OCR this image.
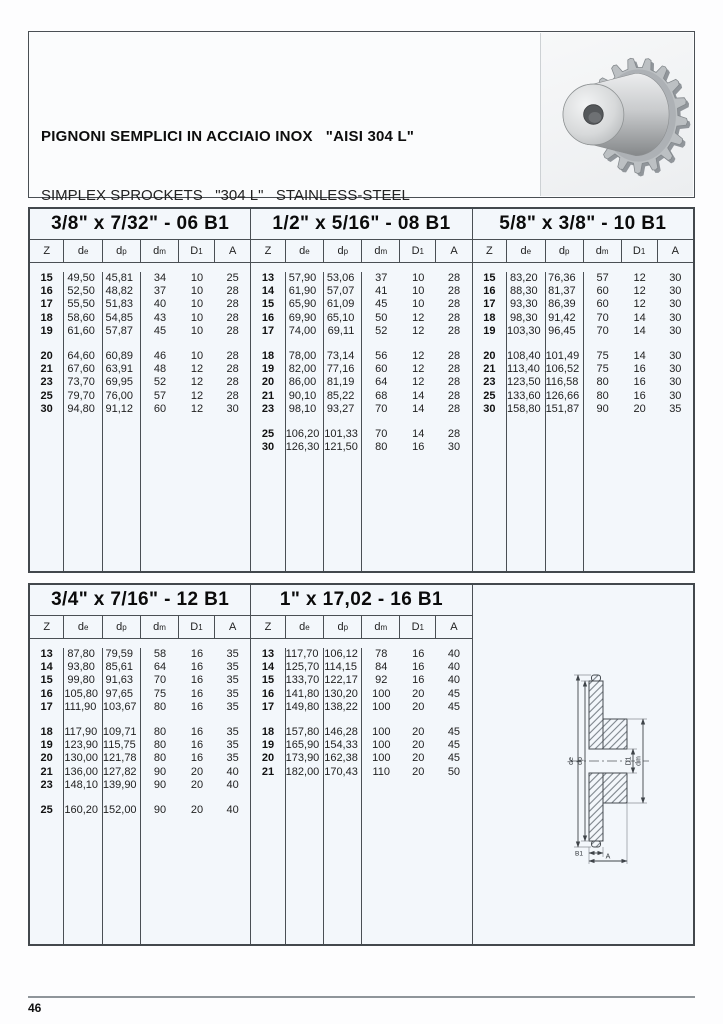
PIGNONI SEMPLICI IN ACCIAIO INOX   "AISI 304 L"

SIMPLEX SPROCKETS   "304 L"   STAINLESS-STEEL

3/8" x 7/32" - 06 B1
Z	d e	d p	d m	D 1	A
15	49,50 45,81	34	10	25
16	52,50 48,82	37	10	28
17	55,50 51,83	40	10	28
18	58,60 54,85	43	10	28
19	61,60 57,87	45	10	28
20	64,60 60,89	46	10	28
21	67,60 63,91	48	12	28
23	73,70 69,95	52	12	28
25	79,70 76,00	57	12	28
30	94,80 91,12	60	12	30
1/2" x 5/16" - 08 B1
Z	d e	d p	d m	D 1	A
13	57,90 53,06	37	10	28
14	61,90 57,07	41	10	28
15	65,90 61,09	45	10	28
16	69,90 65,10	50	12	28
17	74,00	69,11	52	12	28
18	78,00 73,14	56	12	28
19	82,00 77,16	60	12	28
20	86,00 81,19	64	12	28
21	90,10 85,22	68	14	28
23	98,10 93,27	70	14	28
25	106,20 101,33	70	14	28
30	126,30 121,50	80	16	30
5/8" x 3/8" - 10 B1
Z	d e	d p	d m	D 1	A
15	83,20 76,36	57	12	30
16	88,30 81,37	60	12	30
17	93,30 86,39	60	12	30
18	98,30 91,42	70	14	30
19	103,30 96,45	70	14	30
20	108,40 101,49	75	14	30
21	113,40 106,52	75	16	30
23	123,50 116,58	80	16	30
25	133,60 126,66	80	16	30
30	158,80 151,87	90	20	35
3/4" x 7/16" - 12 B1
Z	d e	d p	d m	D 1	A
13	87,80 79,59	58	16	35
14	93,80 85,61	64	16	35
15	99,80 91,63	70	16	35
16	105,80 97,65	75	16	35
17	111,90 103,67	80	16	35
18	117,90 109,71	80	16	35
19	123,90 115,75	80	16	35
20	130,00 121,78	80	16	35
21	136,00 127,82	90	20	40
23	148,10 139,90	90	20	40
25	160,20 152,00	90	20	40
1" x 17,02 - 16 B1
Z	d e	d p	d m	D 1	A
13	117,70 106,12	78	16	40
14	125,70 114,15	84	16	40
15	133,70 122,17	92	16	40
16	141,80 130,20	100	20	45
17	149,80 138,22	100	20	45
18	157,80 146,28	100	20	45
19	165,90 154,33	100	20	45
20	173,90 162,38	100	20	45
21	182,00 170,43	110	20	50
de dp	D1 dm
B1	A
46
